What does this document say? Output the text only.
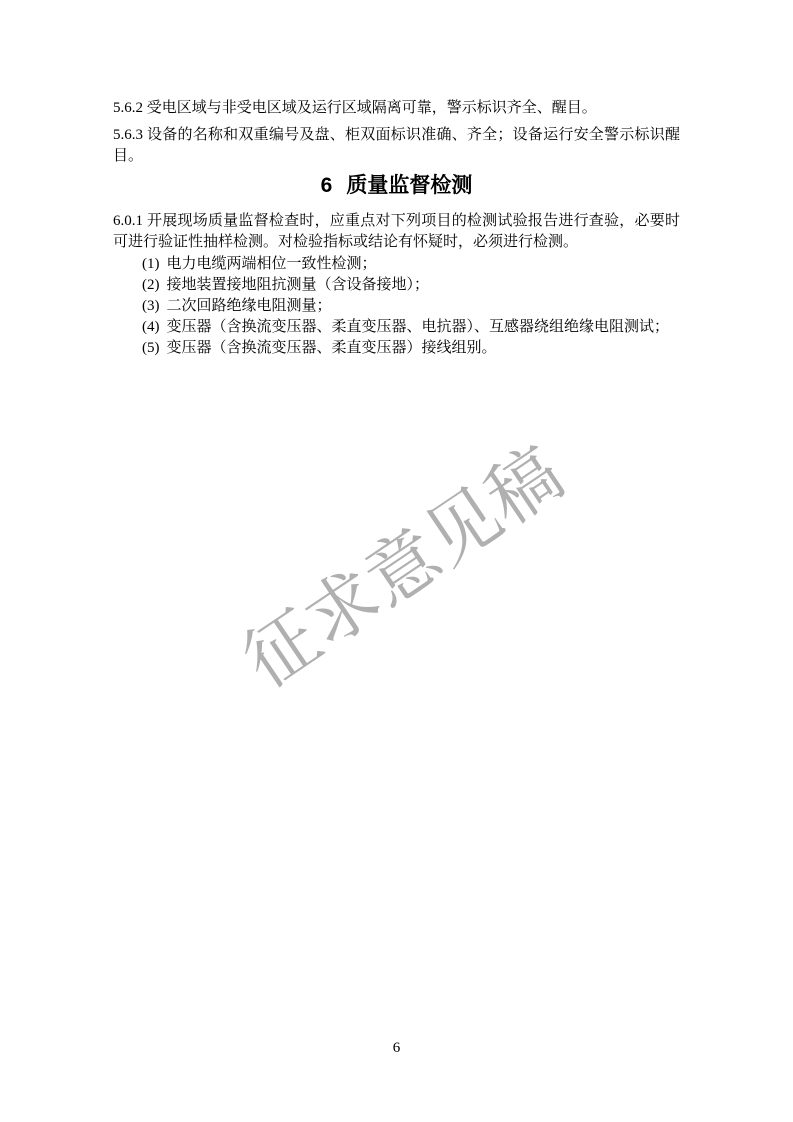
征求意见稿

5.6.2 受电区域与非受电区域及运行区域隔离可靠，警示标识齐全、醒目。

5.6.3 设备的名称和双重编号及盘、柜双面标识准确、齐全；设备运行安全警示标识醒目。

6 质量监督检测

6.0.1 开展现场质量监督检查时，应重点对下列项目的检测试验报告进行查验，必要时可进行验证性抽样检测。对检验指标或结论有怀疑时，必须进行检测。

(1) 电力电缆两端相位一致性检测；
(2) 接地装置接地阻抗测量（含设备接地）；
(3) 二次回路绝缘电阻测量；
(4) 变压器（含换流变压器、柔直变压器、电抗器）、互感器绕组绝缘电阻测试；
(5) 变压器（含换流变压器、柔直变压器）接线组别。
6
